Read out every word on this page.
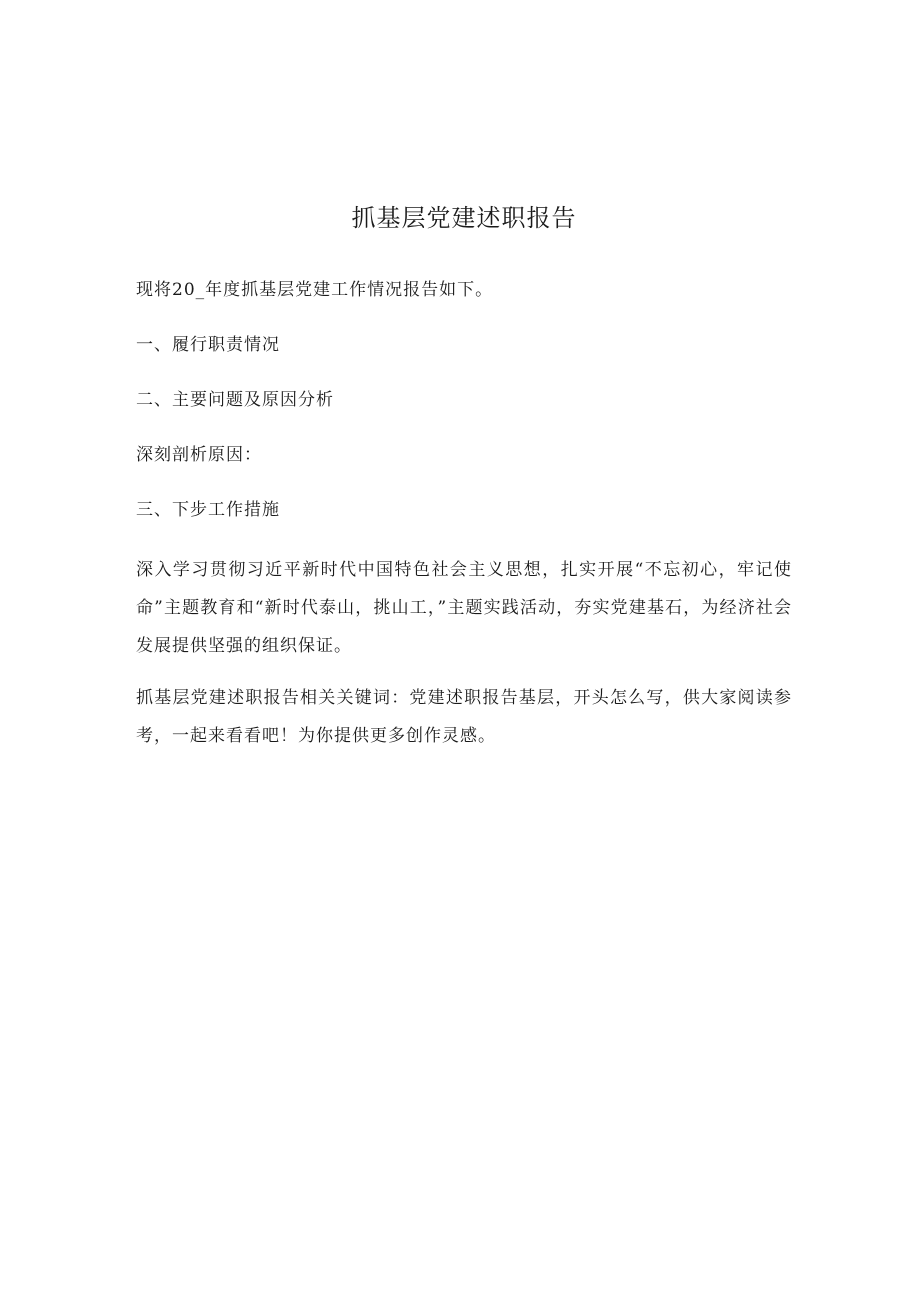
抓基层党建述职报告

现将20_年度抓基层党建工作情况报告如下。

一、履行职责情况

二、主要问题及原因分析

深刻剖析原因：

三、下步工作措施

深入学习贯彻习近平新时代中国特色社会主义思想，扎实开展“不忘初心，牢记使命”主题教育和“新时代泰山，挑山工，”主题实践活动，夯实党建基石，为经济社会发展提供坚强的组织保证。

抓基层党建述职报告相关关键词：党建述职报告基层，开头怎么写，供大家阅读参考，一起来看看吧！为你提供更多创作灵感。
